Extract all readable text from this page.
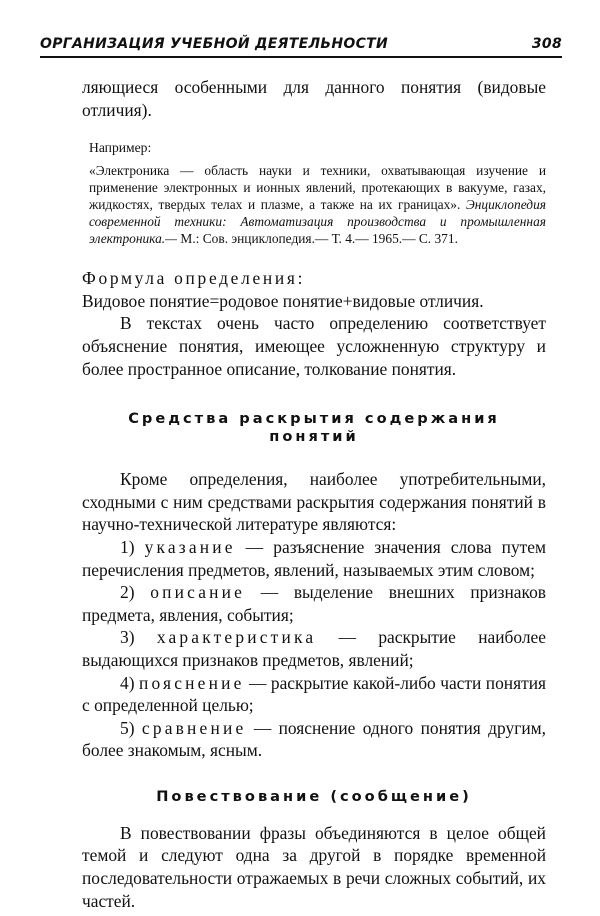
ОРГАНИЗАЦИЯ УЧЕБНОЙ ДЕЯТЕЛЬНОСТИ	308

ляющиеся особенными для данного понятия (видовые отличия).

Например:

«Электроника — область науки и техники, охватывающая изучение и применение электронных и ионных явлений, протекающих в вакууме, газах, жидкостях, твердых телах и плазме, а также на их границах». Энциклопедия современной техники: Автоматизация производства и промышленная электроника.— М.: Сов. энциклопедия.— Т. 4.— 1965.— С. 371.

Формула определения:

Видовое понятие=родовое понятие+видовые отличия.

В текстах очень часто определению соответствует объяснение понятия, имеющее усложненную структуру и более пространное описание, толкование понятия.

Средства раскрытия содержания
понятий

Кроме определения, наиболее употребительными, сходными с ним средствами раскрытия содержания понятий в научно-технической литературе являются:

1) указание — разъяснение значения слова путем перечисления предметов, явлений, называемых этим словом;

2) описание — выделение внешних признаков предмета, явления, события;

3) характеристика — раскрытие наиболее выдающихся признаков предметов, явлений;

4) пояснение — раскрытие какой-либо части понятия с определенной целью;

5) сравнение — пояснение одного понятия другим, более знакомым, ясным.

Повествование (сообщение)

В повествовании фразы объединяются в целое общей темой и следуют одна за другой в порядке временной последовательности отражаемых в речи сложных событий, их частей.
